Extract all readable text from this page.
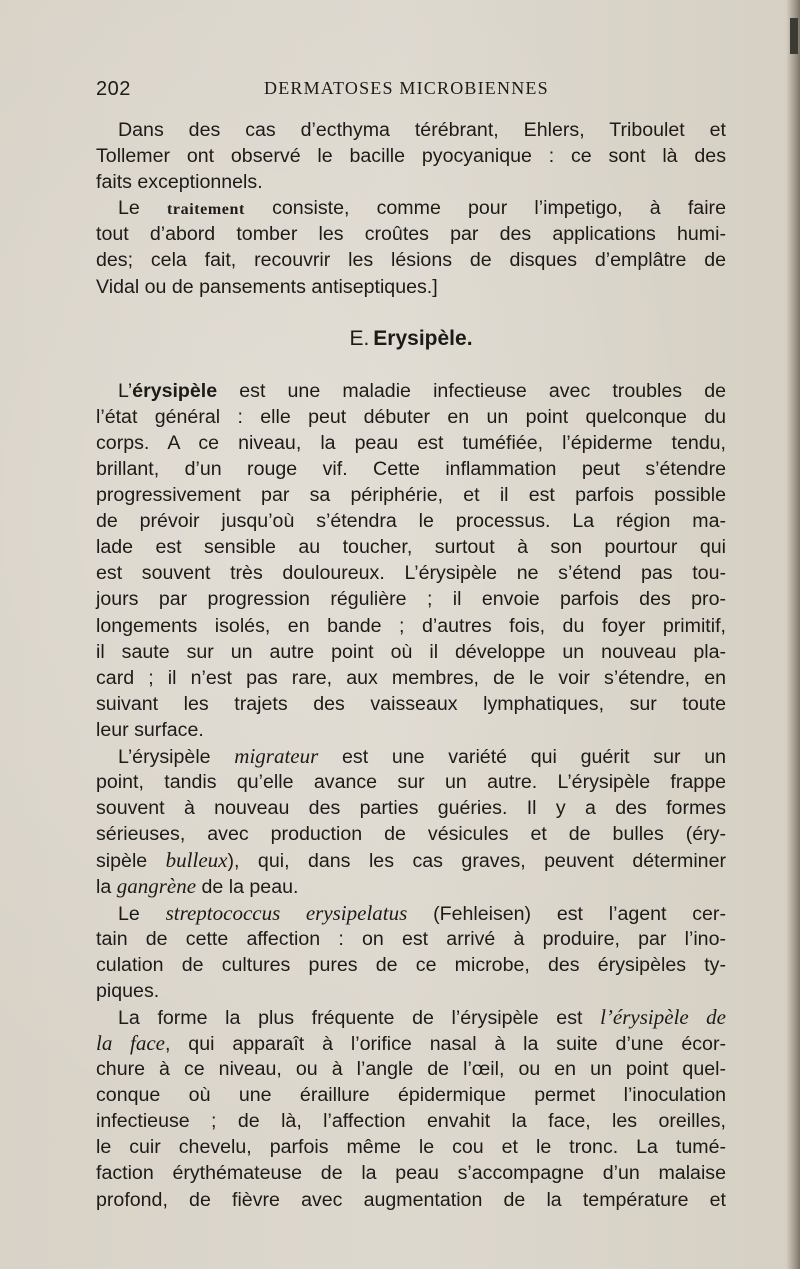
202	DERMATOSES MICROBIENNES
Dans des cas d’ecthyma térébrant, Ehlers, Triboulet et
Tollemer ont observé le bacille pyocyanique : ce sont là des
faits exceptionnels.
Le traitement consiste, comme pour l’impetigo, à faire
tout d’abord tomber les croûtes par des applications humi-
des; cela fait, recouvrir les lésions de disques d’emplâtre de
Vidal ou de pansements antiseptiques.]
E. Erysipèle.
L’érysipèle est une maladie infectieuse avec troubles de
l’état général : elle peut débuter en un point quelconque du
corps. A ce niveau, la peau est tuméfiée, l’épiderme tendu,
brillant, d’un rouge vif. Cette inflammation peut s’étendre
progressivement par sa périphérie, et il est parfois possible
de prévoir jusqu’où s’étendra le processus. La région ma-
lade est sensible au toucher, surtout à son pourtour qui
est souvent très douloureux. L’érysipèle ne s’étend pas tou-
jours par progression régulière ; il envoie parfois des pro-
longements isolés, en bande ; d’autres fois, du foyer primitif,
il saute sur un autre point où il développe un nouveau pla-
card ; il n’est pas rare, aux membres, de le voir s’étendre, en
suivant les trajets des vaisseaux lymphatiques, sur toute
leur surface.
L’érysipèle migrateur est une variété qui guérit sur un
point, tandis qu’elle avance sur un autre. L’érysipèle frappe
souvent à nouveau des parties guéries. Il y a des formes
sérieuses, avec production de vésicules et de bulles (éry-
sipèle bulleux), qui, dans les cas graves, peuvent déterminer
la gangrène de la peau.
Le streptococcus erysipelatus (Fehleisen) est l’agent cer-
tain de cette affection : on est arrivé à produire, par l’ino-
culation de cultures pures de ce microbe, des érysipèles ty-
piques.
La forme la plus fréquente de l’érysipèle est l’érysipèle de
la face, qui apparaît à l’orifice nasal à la suite d’une écor-
chure à ce niveau, ou à l’angle de l’œil, ou en un point quel-
conque où une éraillure épidermique permet l’inoculation
infectieuse ; de là, l’affection envahit la face, les oreilles,
le cuir chevelu, parfois même le cou et le tronc. La tumé-
faction érythémateuse de la peau s’accompagne d’un malaise
profond, de fièvre avec augmentation de la température et
